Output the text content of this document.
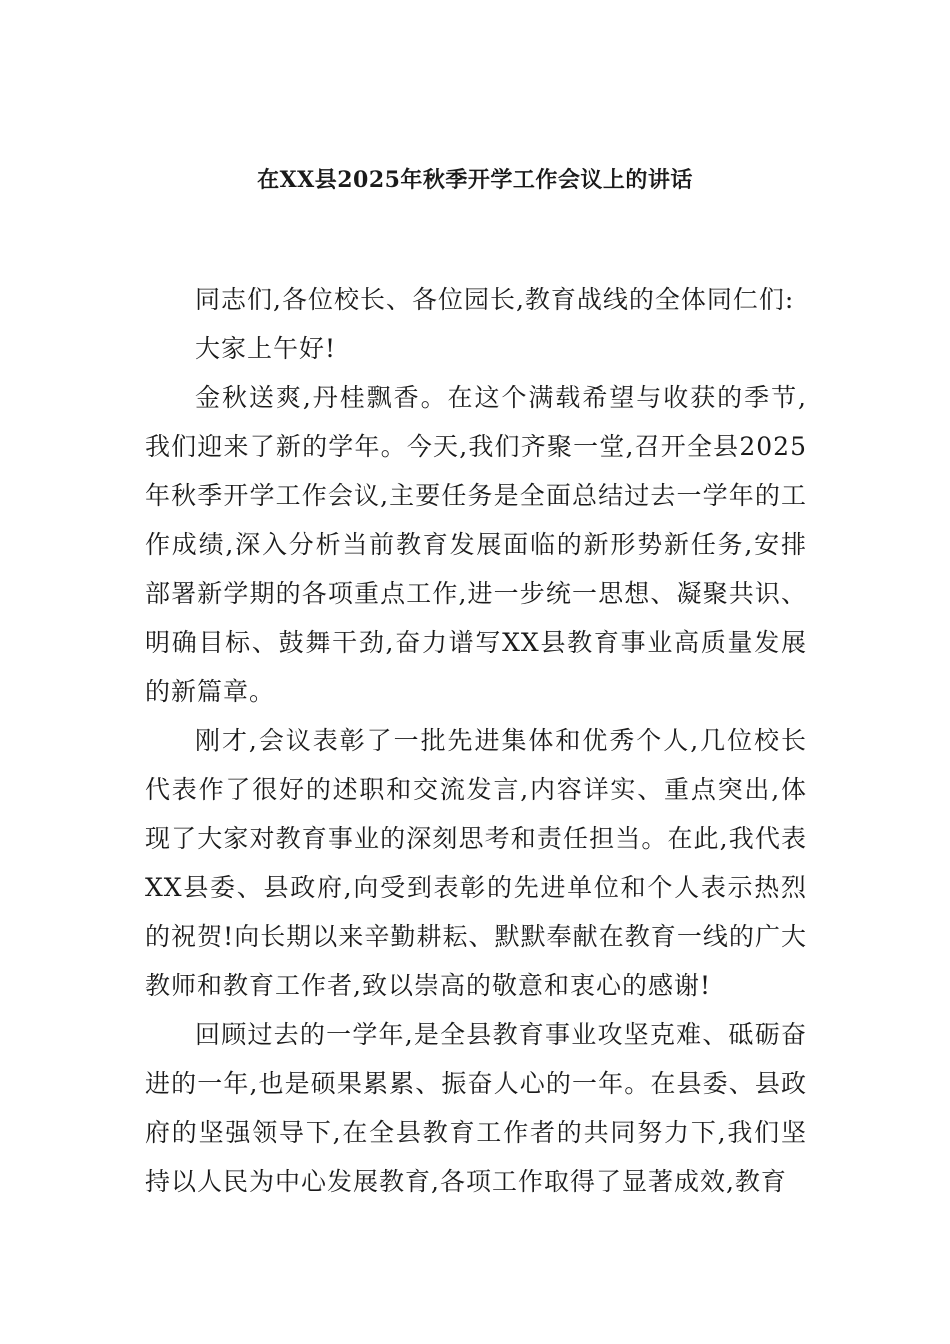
在XX县2025年秋季开学工作会议上的讲话

同志们,各位校长、各位园长,教育战线的全体同仁们:

大家上午好!

金秋送爽,丹桂飘香。在这个满载希望与收获的季节,我们迎来了新的学年。今天,我们齐聚一堂,召开全县2025年秋季开学工作会议,主要任务是全面总结过去一学年的工作成绩,深入分析当前教育发展面临的新形势新任务,安排部署新学期的各项重点工作,进一步统一思想、凝聚共识、明确目标、鼓舞干劲,奋力谱写XX县教育事业高质量发展的新篇章。

刚才,会议表彰了一批先进集体和优秀个人,几位校长代表作了很好的述职和交流发言,内容详实、重点突出,体现了大家对教育事业的深刻思考和责任担当。在此,我代表XX县委、县政府,向受到表彰的先进单位和个人表示热烈的祝贺!向长期以来辛勤耕耘、默默奉献在教育一线的广大教师和教育工作者,致以崇高的敬意和衷心的感谢!

回顾过去的一学年,是全县教育事业攻坚克难、砥砺奋进的一年,也是硕果累累、振奋人心的一年。在县委、县政府的坚强领导下,在全县教育工作者的共同努力下,我们坚持以人民为中心发展教育,各项工作取得了显著成效,教育
